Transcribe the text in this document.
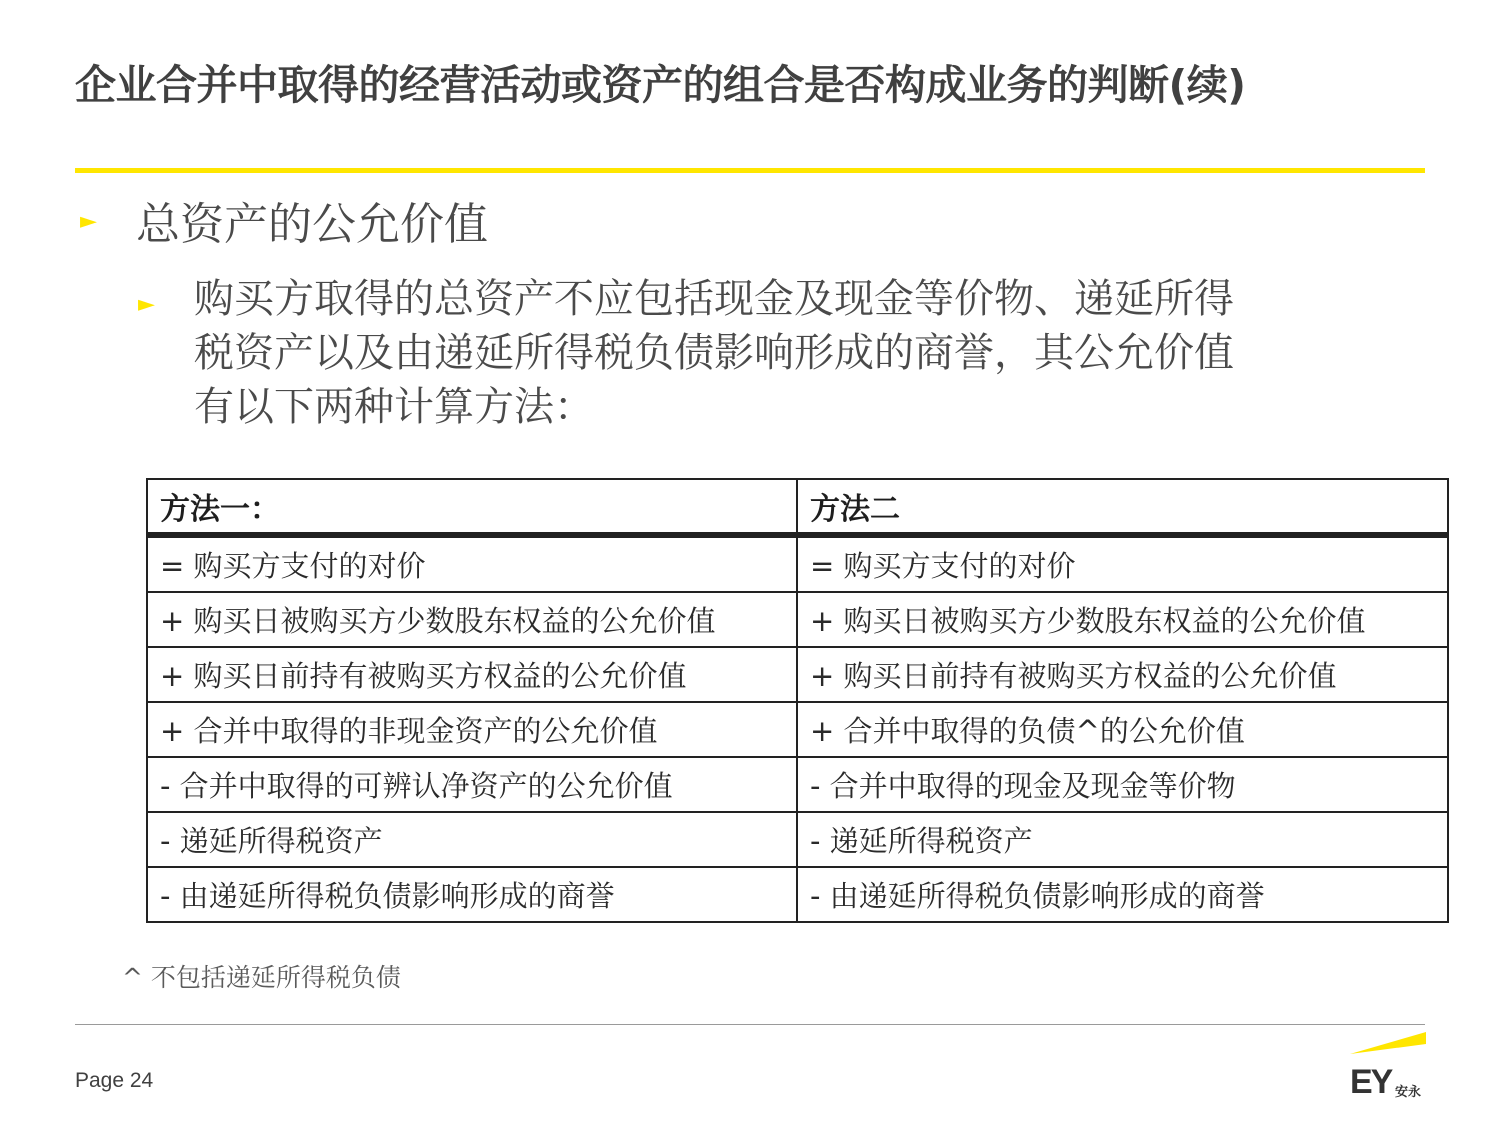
企业合并中取得的经营活动或资产的组合是否构成业务的判断(续)
► 总资产的公允价值
► 购买方取得的总资产不应包括现金及现金等价物、递延所得
税资产以及由递延所得税负债影响形成的商誉，其公允价值
有以下两种计算方法：
方法一：	方法二
= 购买方支付的对价	= 购买方支付的对价
+ 购买日被购买方少数股东权益的公允价值	+ 购买日被购买方少数股东权益的公允价值
+ 购买日前持有被购买方权益的公允价值	+ 购买日前持有被购买方权益的公允价值
+ 合并中取得的非现金资产的公允价值	+ 合并中取得的负债^的公允价值
- 合并中取得的可辨认净资产的公允价值	- 合并中取得的现金及现金等价物
- 递延所得税资产	- 递延所得税资产
- 由递延所得税负债影响形成的商誉	- 由递延所得税负债影响形成的商誉
^ 不包括递延所得税负债
Page 24	EY 安永
